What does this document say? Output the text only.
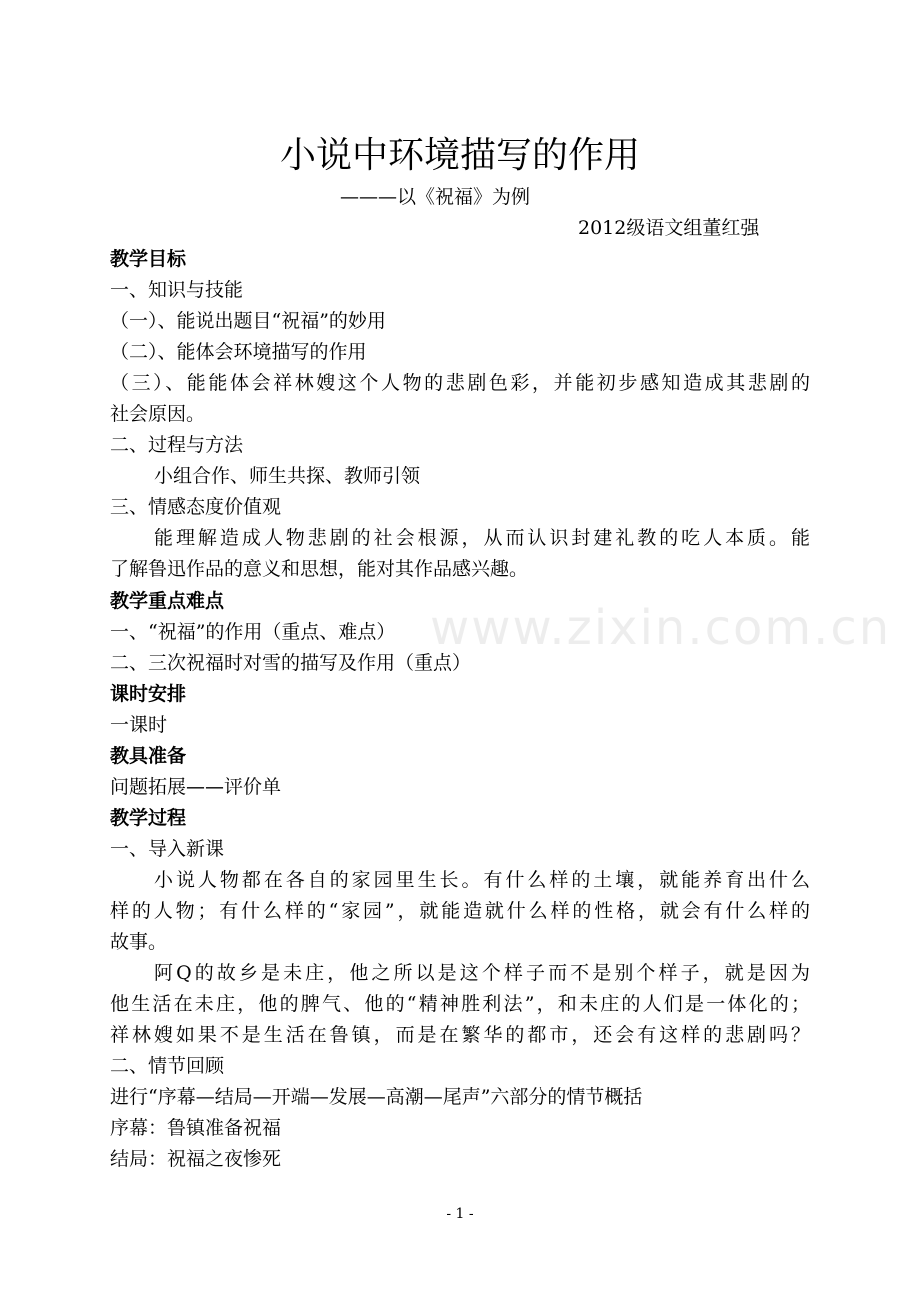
www.zixin.com.cn
小说中环境描写的作用
———以《祝福》为例
2012级语文组董红强
教学目标
一、知识与技能
（一）、能说出题目“祝福”的妙用
（二）、能体会环境描写的作用
（三）、能能体会祥林嫂这个人物的悲剧色彩，并能初步感知造成其悲剧的
社会原因。
二、过程与方法
小组合作、师生共探、教师引领
三、情感态度价值观
能理解造成人物悲剧的社会根源，从而认识封建礼教的吃人本质。能
了解鲁迅作品的意义和思想，能对其作品感兴趣。
教学重点难点
一、“祝福”的作用（重点、难点）
二、三次祝福时对雪的描写及作用（重点）
课时安排
一课时
教具准备
问题拓展——评价单
教学过程
一、导入新课
小说人物都在各自的家园里生长。有什么样的土壤，就能养育出什么
样的人物；有什么样的“家园”，就能造就什么样的性格，就会有什么样的
故事。
阿Q的故乡是未庄，他之所以是这个样子而不是别个样子，就是因为
他生活在未庄，他的脾气、他的“精神胜利法”，和未庄的人们是一体化的；
祥林嫂如果不是生活在鲁镇，而是在繁华的都市，还会有这样的悲剧吗？
二、情节回顾
进行“序幕—结局—开端—发展—高潮—尾声”六部分的情节概括
序幕：鲁镇准备祝福
结局：祝福之夜惨死
- 1 -
